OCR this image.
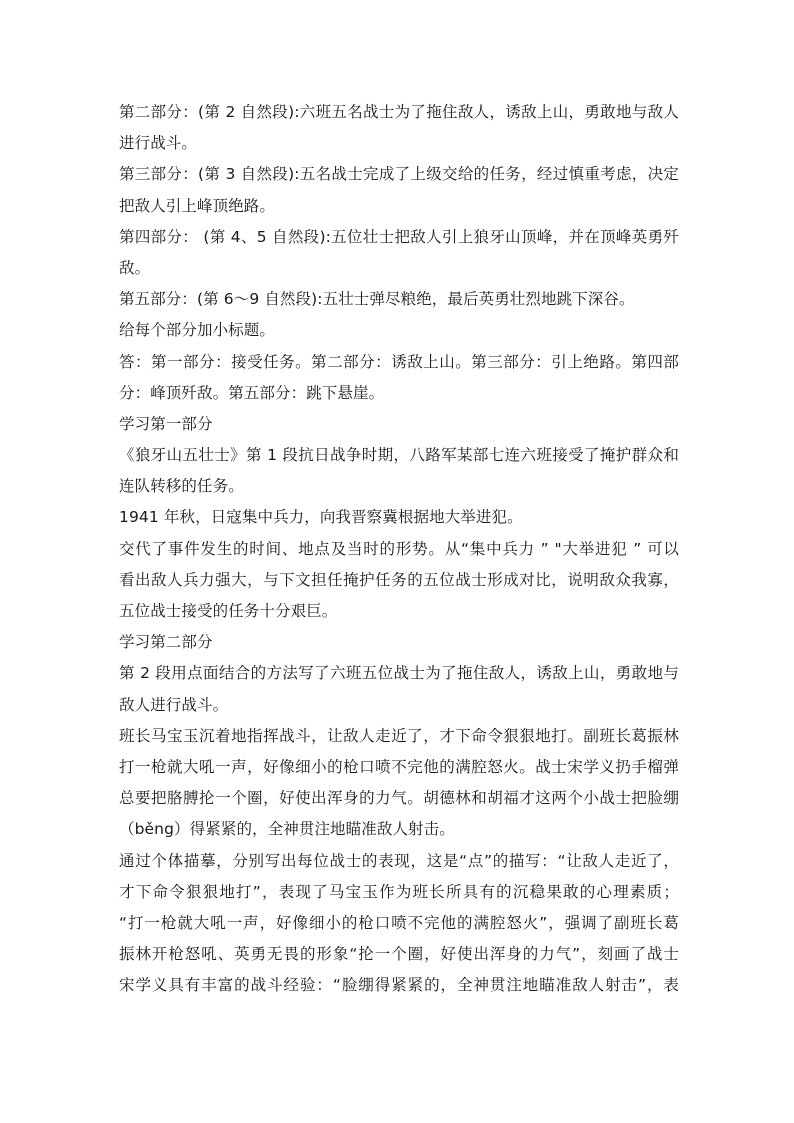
第二部分：(第 2 自然段):六班五名战士为了拖住敌人，诱敌上山，勇敢地与敌人
进行战斗。
第三部分：(第 3 自然段):五名战士完成了上级交给的任务，经过慎重考虑，决定
把敌人引上峰顶绝路。
第四部分： (第 4、5 自然段):五位壮士把敌人引上狼牙山顶峰，并在顶峰英勇歼
敌。
第五部分：(第 6～9 自然段):五壮士弹尽粮绝，最后英勇壮烈地跳下深谷。
给每个部分加小标题。
答：第一部分：接受任务。第二部分：诱敌上山。第三部分：引上绝路。第四部
分：峰顶歼敌。第五部分：跳下悬崖。
学习第一部分
《狼牙山五壮士》第 1 段抗日战争时期，八路军某部七连六班接受了掩护群众和
连队转移的任务。
1941 年秋，日寇集中兵力，向我晋察冀根据地大举进犯。
交代了事件发生的时间、地点及当时的形势。从“集中兵力 ” "大举进犯 ” 可以
看出敌人兵力强大，与下文担任掩护任务的五位战士形成对比，说明敌众我寡，
五位战士接受的任务十分艰巨。
学习第二部分
第 2 段用点面结合的方法写了六班五位战士为了拖住敌人，诱敌上山，勇敢地与
敌人进行战斗。
班长马宝玉沉着地指挥战斗，让敌人走近了，才下命令狠狠地打。副班长葛振林
打一枪就大吼一声，好像细小的枪口喷不完他的满腔怒火。战士宋学义扔手榴弹
总要把胳膊抡一个圈，好使出浑身的力气。胡德林和胡福才这两个小战士把脸绷
（běng）得紧紧的，全神贯注地瞄准敌人射击。
通过个体描摹，分别写出每位战士的表现，这是“点”的描写：“让敌人走近了，
才下命令狠狠地打”，表现了马宝玉作为班长所具有的沉稳果敢的心理素质；
“打一枪就大吼一声，好像细小的枪口喷不完他的满腔怒火”，强调了副班长葛
振林开枪怒吼、英勇无畏的形象“抡一个圈，好使出浑身的力气”，刻画了战士
宋学义具有丰富的战斗经验：“脸绷得紧紧的，全神贯注地瞄准敌人射击”，表
